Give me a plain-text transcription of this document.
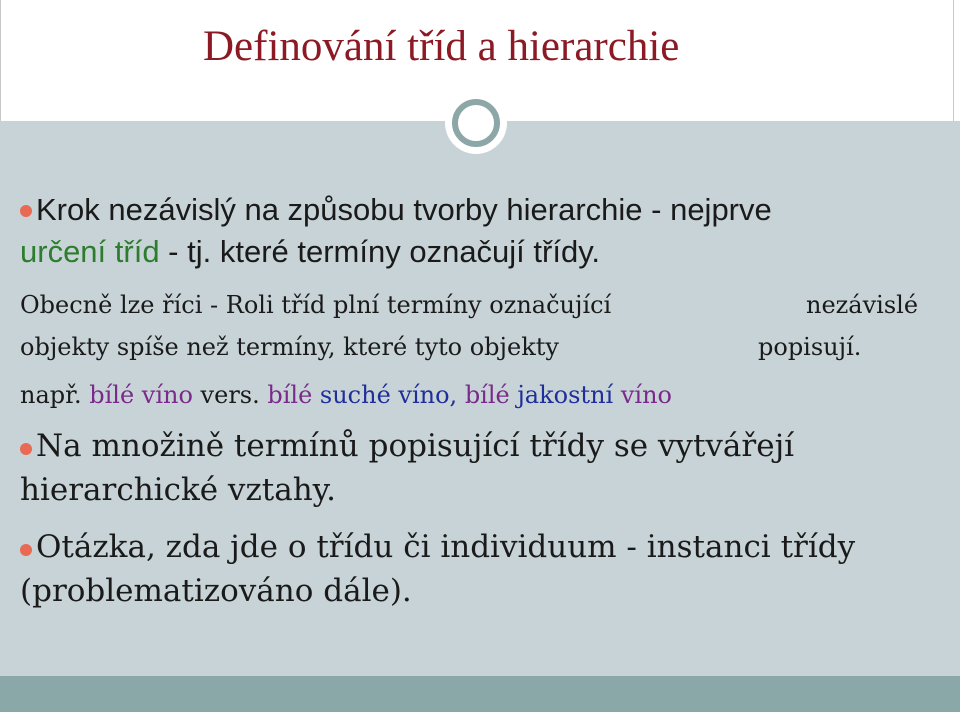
Definování tříd a hierarchie
Krok nezávislý na způsobu tvorby hierarchie - nejprve
určení tříd - tj. které termíny označují třídy.
Obecně lze říci - Roli tříd plní termíny označující	nezávislé
objekty spíše než termíny, které tyto objekty	popisují.
např. bílé víno vers. bílé suché víno, bílé jakostní víno
Na množině termínů popisující třídy se vytvářejí
hierarchické vztahy.
Otázka, zda jde o třídu či individuum - instanci třídy
(problematizováno dále).
